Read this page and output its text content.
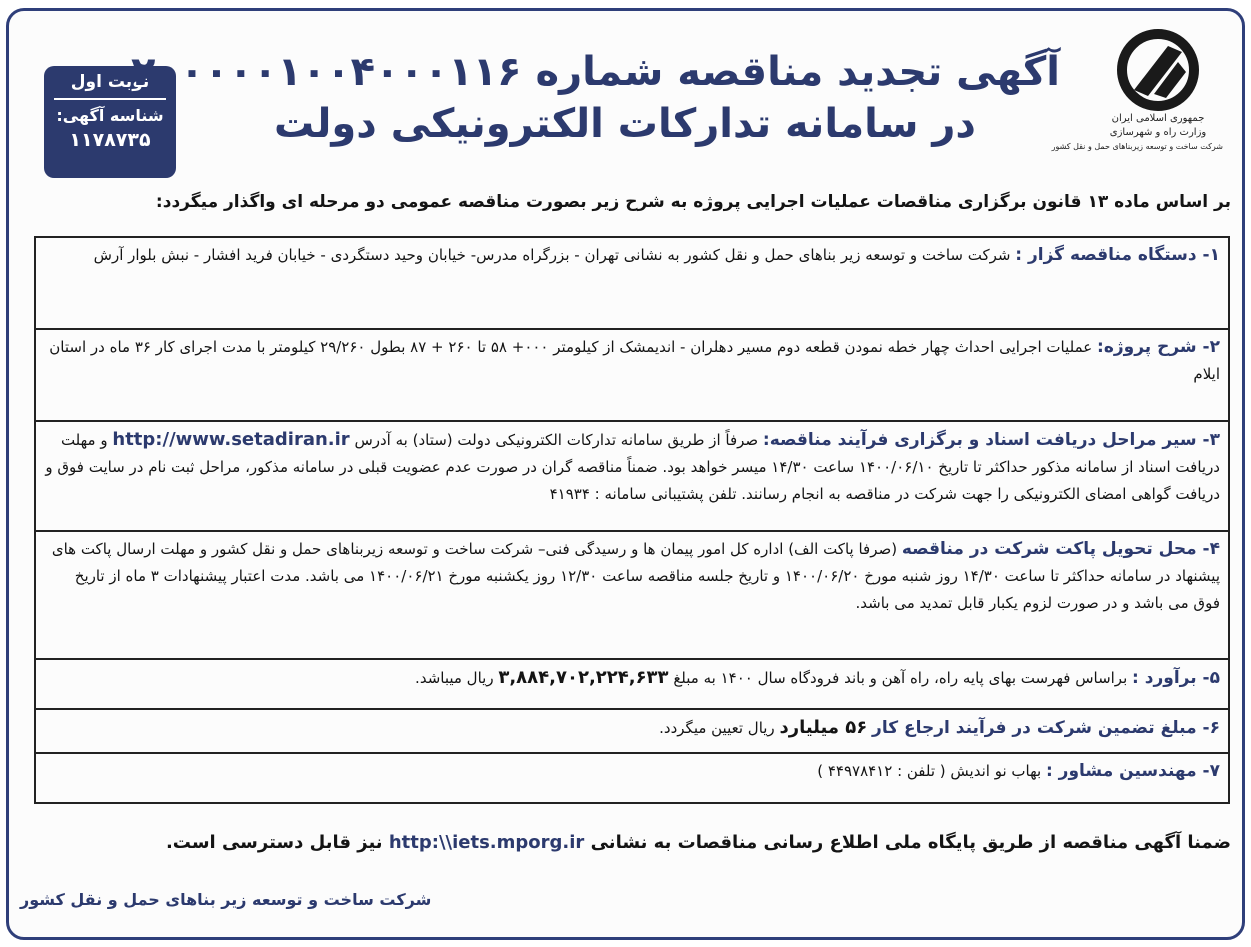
جمهوری اسلامی ایران
وزارت راه و شهرسازی
شرکت ساخت و توسعه زیربناهای حمل و نقل کشور
نوبت اول
شناسه آگهی:
۱۱۷۸۷۳۵
آگهی تجدید مناقصه شماره ۲۰۰۰۰۰۱۰۰۴۰۰۰۱۱۶
در سامانه تدارکات الکترونیکی دولت
بر اساس ماده ۱۳ قانون برگزاری مناقصات عملیات اجرایی پروژه به شرح زیر بصورت مناقصه عمومی دو مرحله ای واگذار میگردد:
۱- دستگاه مناقصه گزار : شرکت ساخت و توسعه زیر بناهای حمل و نقل کشور به نشانی تهران - بزرگراه مدرس- خیابان وحید دستگردی - خیابان فرید افشار - نبش بلوار آرش
۲- شرح پروژه: عملیات اجرایی احداث چهار خطه نمودن قطعه دوم مسیر دهلران - اندیمشک از کیلومتر ۰۰۰+ ۵۸ تا ۲۶۰ + ۸۷ بطول ۲۹/۲۶۰ کیلومتر با مدت اجرای کار ۳۶ ماه در استان ایلام
۳- سیر مراحل دریافت اسناد و برگزاری فرآیند مناقصه: صرفاً از طریق سامانه تدارکات الکترونیکی دولت (ستاد) به آدرس http://www.setadiran.ir و مهلت دریافت اسناد از سامانه مذکور حداکثر تا تاریخ ۱۴۰۰/۰۶/۱۰ ساعت ۱۴/۳۰ میسر خواهد بود. ضمناً مناقصه گران در صورت عدم عضویت قبلی در سامانه مذکور، مراحل ثبت نام در سایت فوق و دریافت گواهی امضای الکترونیکی را جهت شرکت در مناقصه به انجام رسانند. تلفن پشتیبانی سامانه : ۴۱۹۳۴
۴- محل تحویل پاکت شرکت در مناقصه (صرفا پاکت الف) اداره کل امور پیمان ها و رسیدگی فنی– شرکت ساخت و توسعه زیربناهای حمل و نقل کشور و مهلت ارسال پاکت های پیشنهاد در سامانه حداکثر تا ساعت ۱۴/۳۰ روز شنبه مورخ ۱۴۰۰/۰۶/۲۰ و تاریخ جلسه مناقصه ساعت ۱۲/۳۰ روز یکشنبه مورخ ۱۴۰۰/۰۶/۲۱ می باشد. مدت اعتبار پیشنهادات ۳ ماه از تاریخ فوق می باشد و در صورت لزوم یکبار قابل تمدید می باشد.
۵- برآورد : براساس فهرست بهای پایه راه، راه آهن و باند فرودگاه سال ۱۴۰۰ به مبلغ ۳,۸۸۴,۷۰۲,۲۲۴,۶۳۳ ریال میباشد.
۶- مبلغ تضمین شرکت در فرآیند ارجاع کار ۵۶ میلیارد ریال تعیین میگردد.
۷- مهندسین مشاور : بهاب نو اندیش ( تلفن : ۴۴۹۷۸۴۱۲ )
ضمنا آگهی مناقصه از طریق پایگاه ملی اطلاع رسانی مناقصات به نشانی http:\\iets.mporg.ir نیز قابل دسترسی است.
شرکت ساخت و توسعه زیر بناهای حمل و نقل کشور
